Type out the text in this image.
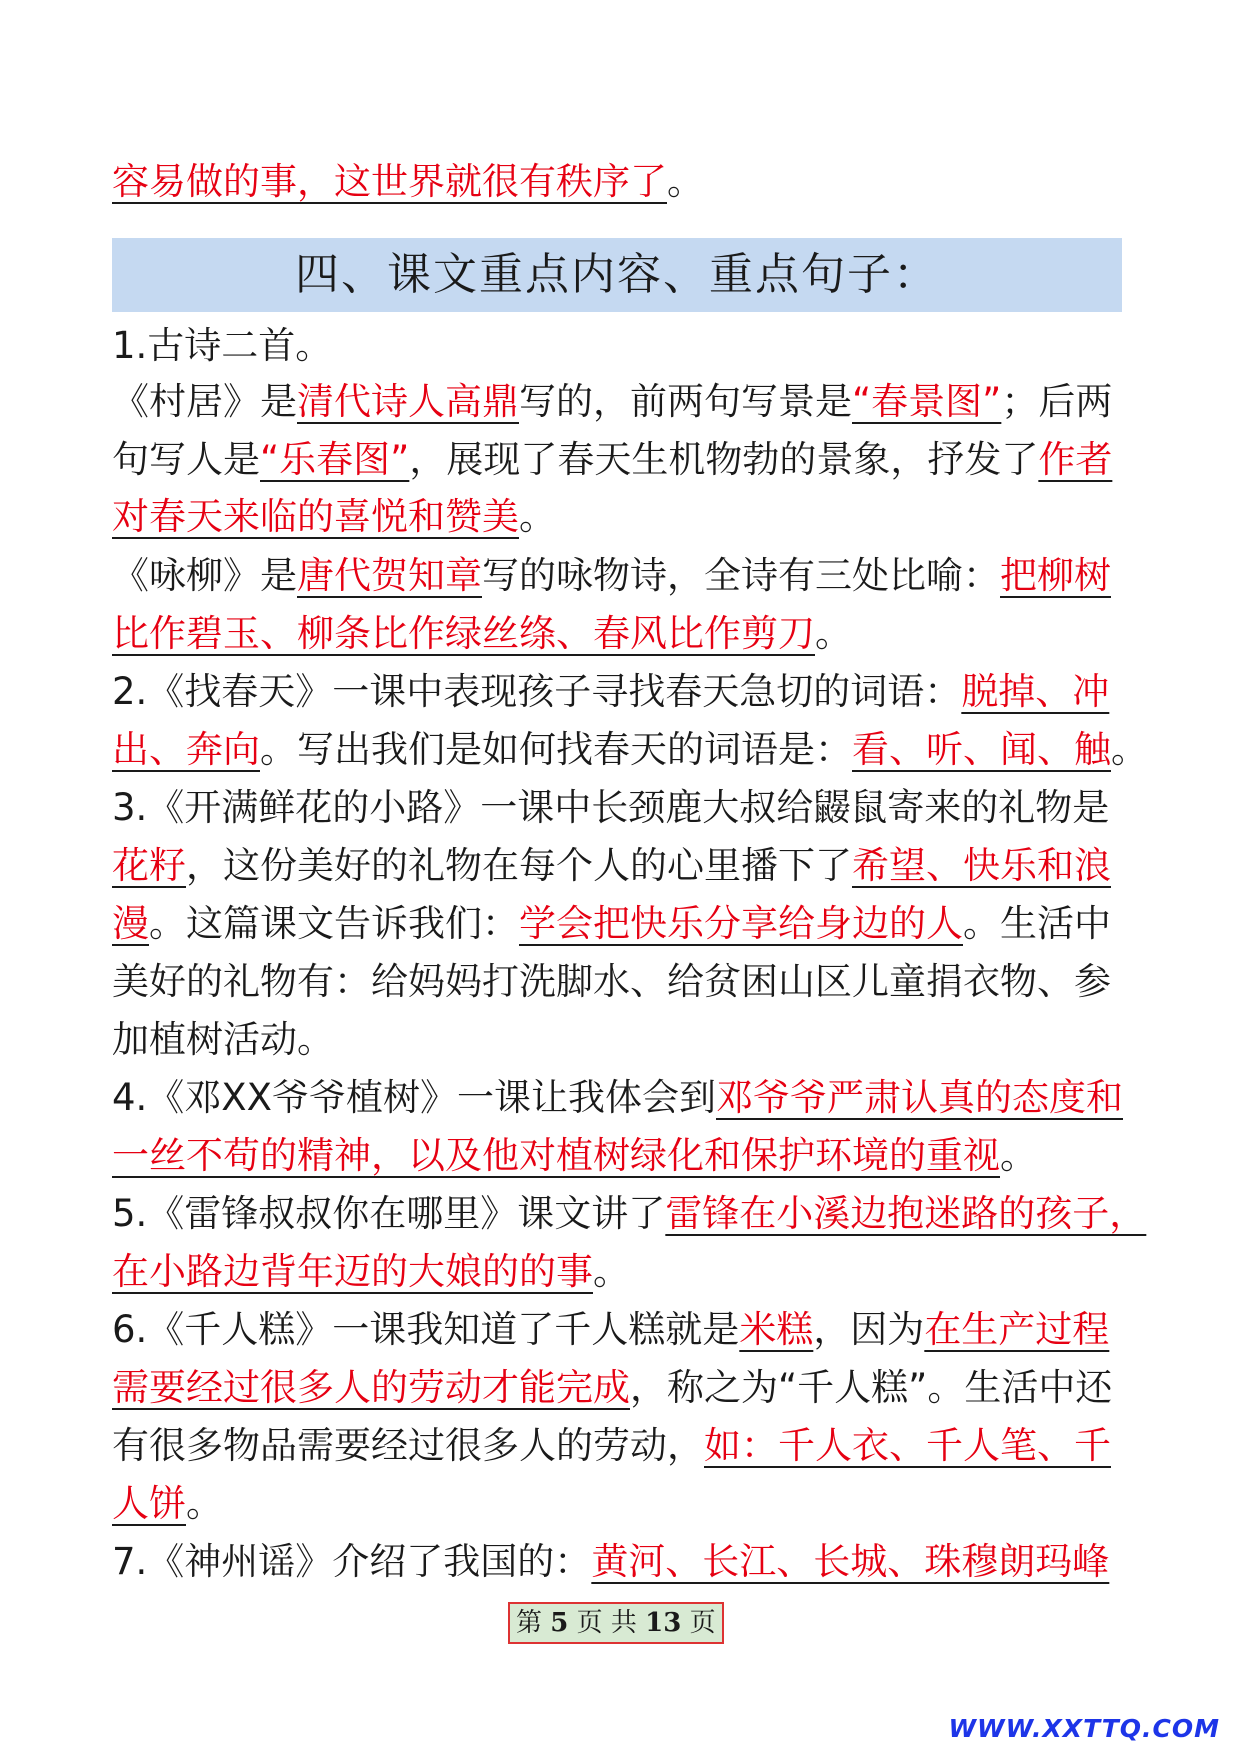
容易做的事，这世界就很有秩序了。
四、课文重点内容、重点句子：
1.古诗二首。
《村居》是清代诗人高鼎写的，前两句写景是“春景图”；后两
句写人是“乐春图”，展现了春天生机物勃的景象，抒发了作者
对春天来临的喜悦和赞美。
《咏柳》是唐代贺知章写的咏物诗，全诗有三处比喻：把柳树
比作碧玉、柳条比作绿丝绦、春风比作剪刀。
2.《找春天》一课中表现孩子寻找春天急切的词语：脱掉、冲
出、奔向。写出我们是如何找春天的词语是：看、听、闻、触。
3.《开满鲜花的小路》一课中长颈鹿大叔给鼹鼠寄来的礼物是
花籽，这份美好的礼物在每个人的心里播下了希望、快乐和浪
漫。这篇课文告诉我们：学会把快乐分享给身边的人。生活中
美好的礼物有：给妈妈打洗脚水、给贫困山区儿童捐衣物、参
加植树活动。
4.《邓XX爷爷植树》一课让我体会到邓爷爷严肃认真的态度和
一丝不苟的精神，以及他对植树绿化和保护环境的重视。
5.《雷锋叔叔你在哪里》课文讲了雷锋在小溪边抱迷路的孩子，
在小路边背年迈的大娘的的事。
6.《千人糕》一课我知道了千人糕就是米糕，因为在生产过程
需要经过很多人的劳动才能完成，称之为“千人糕”。生活中还
有很多物品需要经过很多人的劳动，如：千人衣、千人笔、千
人饼。
7.《神州谣》介绍了我国的：黄河、长江、长城、珠穆朗玛峰
第 5 页 共 13 页
WWW.XXTTQ.COM
